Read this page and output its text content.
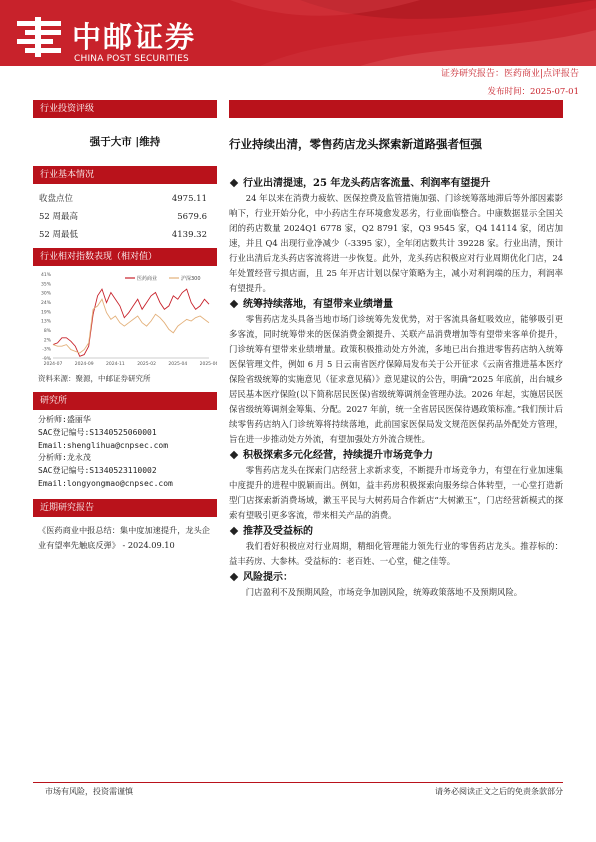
中邮证券
CHINA POST SECURITIES
证券研究报告：医药商业|点评报告
发布时间：2025-07-01
行业投资评级
强于大市 |维持
行业基本情况
收盘点位	4975.11
52 周最高	5679.6
52 周最低	4139.32
行业相对指数表现（相对值）
-9%
-3%
2%
8%
13%
19%
24%
30%
35%
41%
2024-07	2024-09	2024-11	2025-02	2025-04	2025-06
医药商业	沪深300
资料来源：聚源，中邮证券研究所
研究所
分析师:盛丽华
SAC登记编号:S1340525060001
Email:shenglihua@cnpsec.com
分析师:龙永茂
SAC登记编号:S1340523110002
Email:longyongmao@cnpsec.com
近期研究报告
《医药商业中报总结：集中度加速提升，龙头企业有望率先触底反弹》 - 2024.09.10
行业持续出清，零售药店龙头探索新道路强者恒强
行业出清提速，25 年龙头药店客流量、利润率有望提升
24 年以来在消费力疲软、医保控费及监管措施加强、门诊统筹落地滞后等外部因素影响下，行业开始分化，中小药店生存环境愈发恶劣，行业面临整合。中康数据显示全国关闭的药店数量 2024Q1 6778 家，Q2 8791 家，Q3 9545 家，Q4 14114 家，闭店加速，并且 Q4 出现行业净减少（-3395 家），全年闭店数共计 39228 家。行业出清，预计行业出清后龙头药店客流将进一步恢复。此外，龙头药店积极应对行业周期优化门店，24 年处置经营亏损店面，且 25 年开店计划以保守策略为主，减小对利润端的压力，利润率有望提升。
统筹持续落地，有望带来业绩增量
零售药店龙头具备当地市场门诊统筹先发优势，对于客流具备虹吸效应，能够吸引更多客流，同时统筹带来的医保消费金额提升、关联产品消费增加等有望带来客单价提升，门诊统筹有望带来业绩增量。政策积极推动处方外流，多地已出台推进零售药店纳入统筹医保管理文件，例如 6 月 5 日云南省医疗保障局发布关于公开征求《云南省推进基本医疗保险省级统筹的实施意见（征求意见稿）》意见建议的公告，明确“2025 年底前，出台城乡居民基本医疗保险(以下简称居民医保)省级统筹调剂金管理办法。2026 年起，实施居民医保省级统筹调剂金筹集、分配。2027 年前，统一全省居民医保待遇政策标准。”我们预计后续零售药店纳入门诊统筹将持续落地，此前国家医保局发文规范医保药品外配处方管理，旨在进一步推动处方外流，有望加强处方外流合规性。
积极探索多元化经营，持续提升市场竞争力
零售药店龙头在探索门店经营上求新求变，不断提升市场竞争力，有望在行业加速集中度提升的进程中脱颖而出。例如，益丰药房积极探索向服务综合体转型，一心堂打造新型门店探索新消费场域，漱玉平民与大树药局合作新店“大树漱玉”，门店经营新模式的探索有望吸引更多客流，带来相关产品的消费。
推荐及受益标的
我们看好积极应对行业周期，精细化管理能力领先行业的零售药店龙头。推荐标的：益丰药房、大参林。受益标的：老百姓、一心堂，健之佳等。
风险提示：
门店盈利不及预期风险，市场竞争加剧风险，统筹政策落地不及预期风险。
市场有风险，投资需谨慎	请务必阅读正文之后的免责条款部分
